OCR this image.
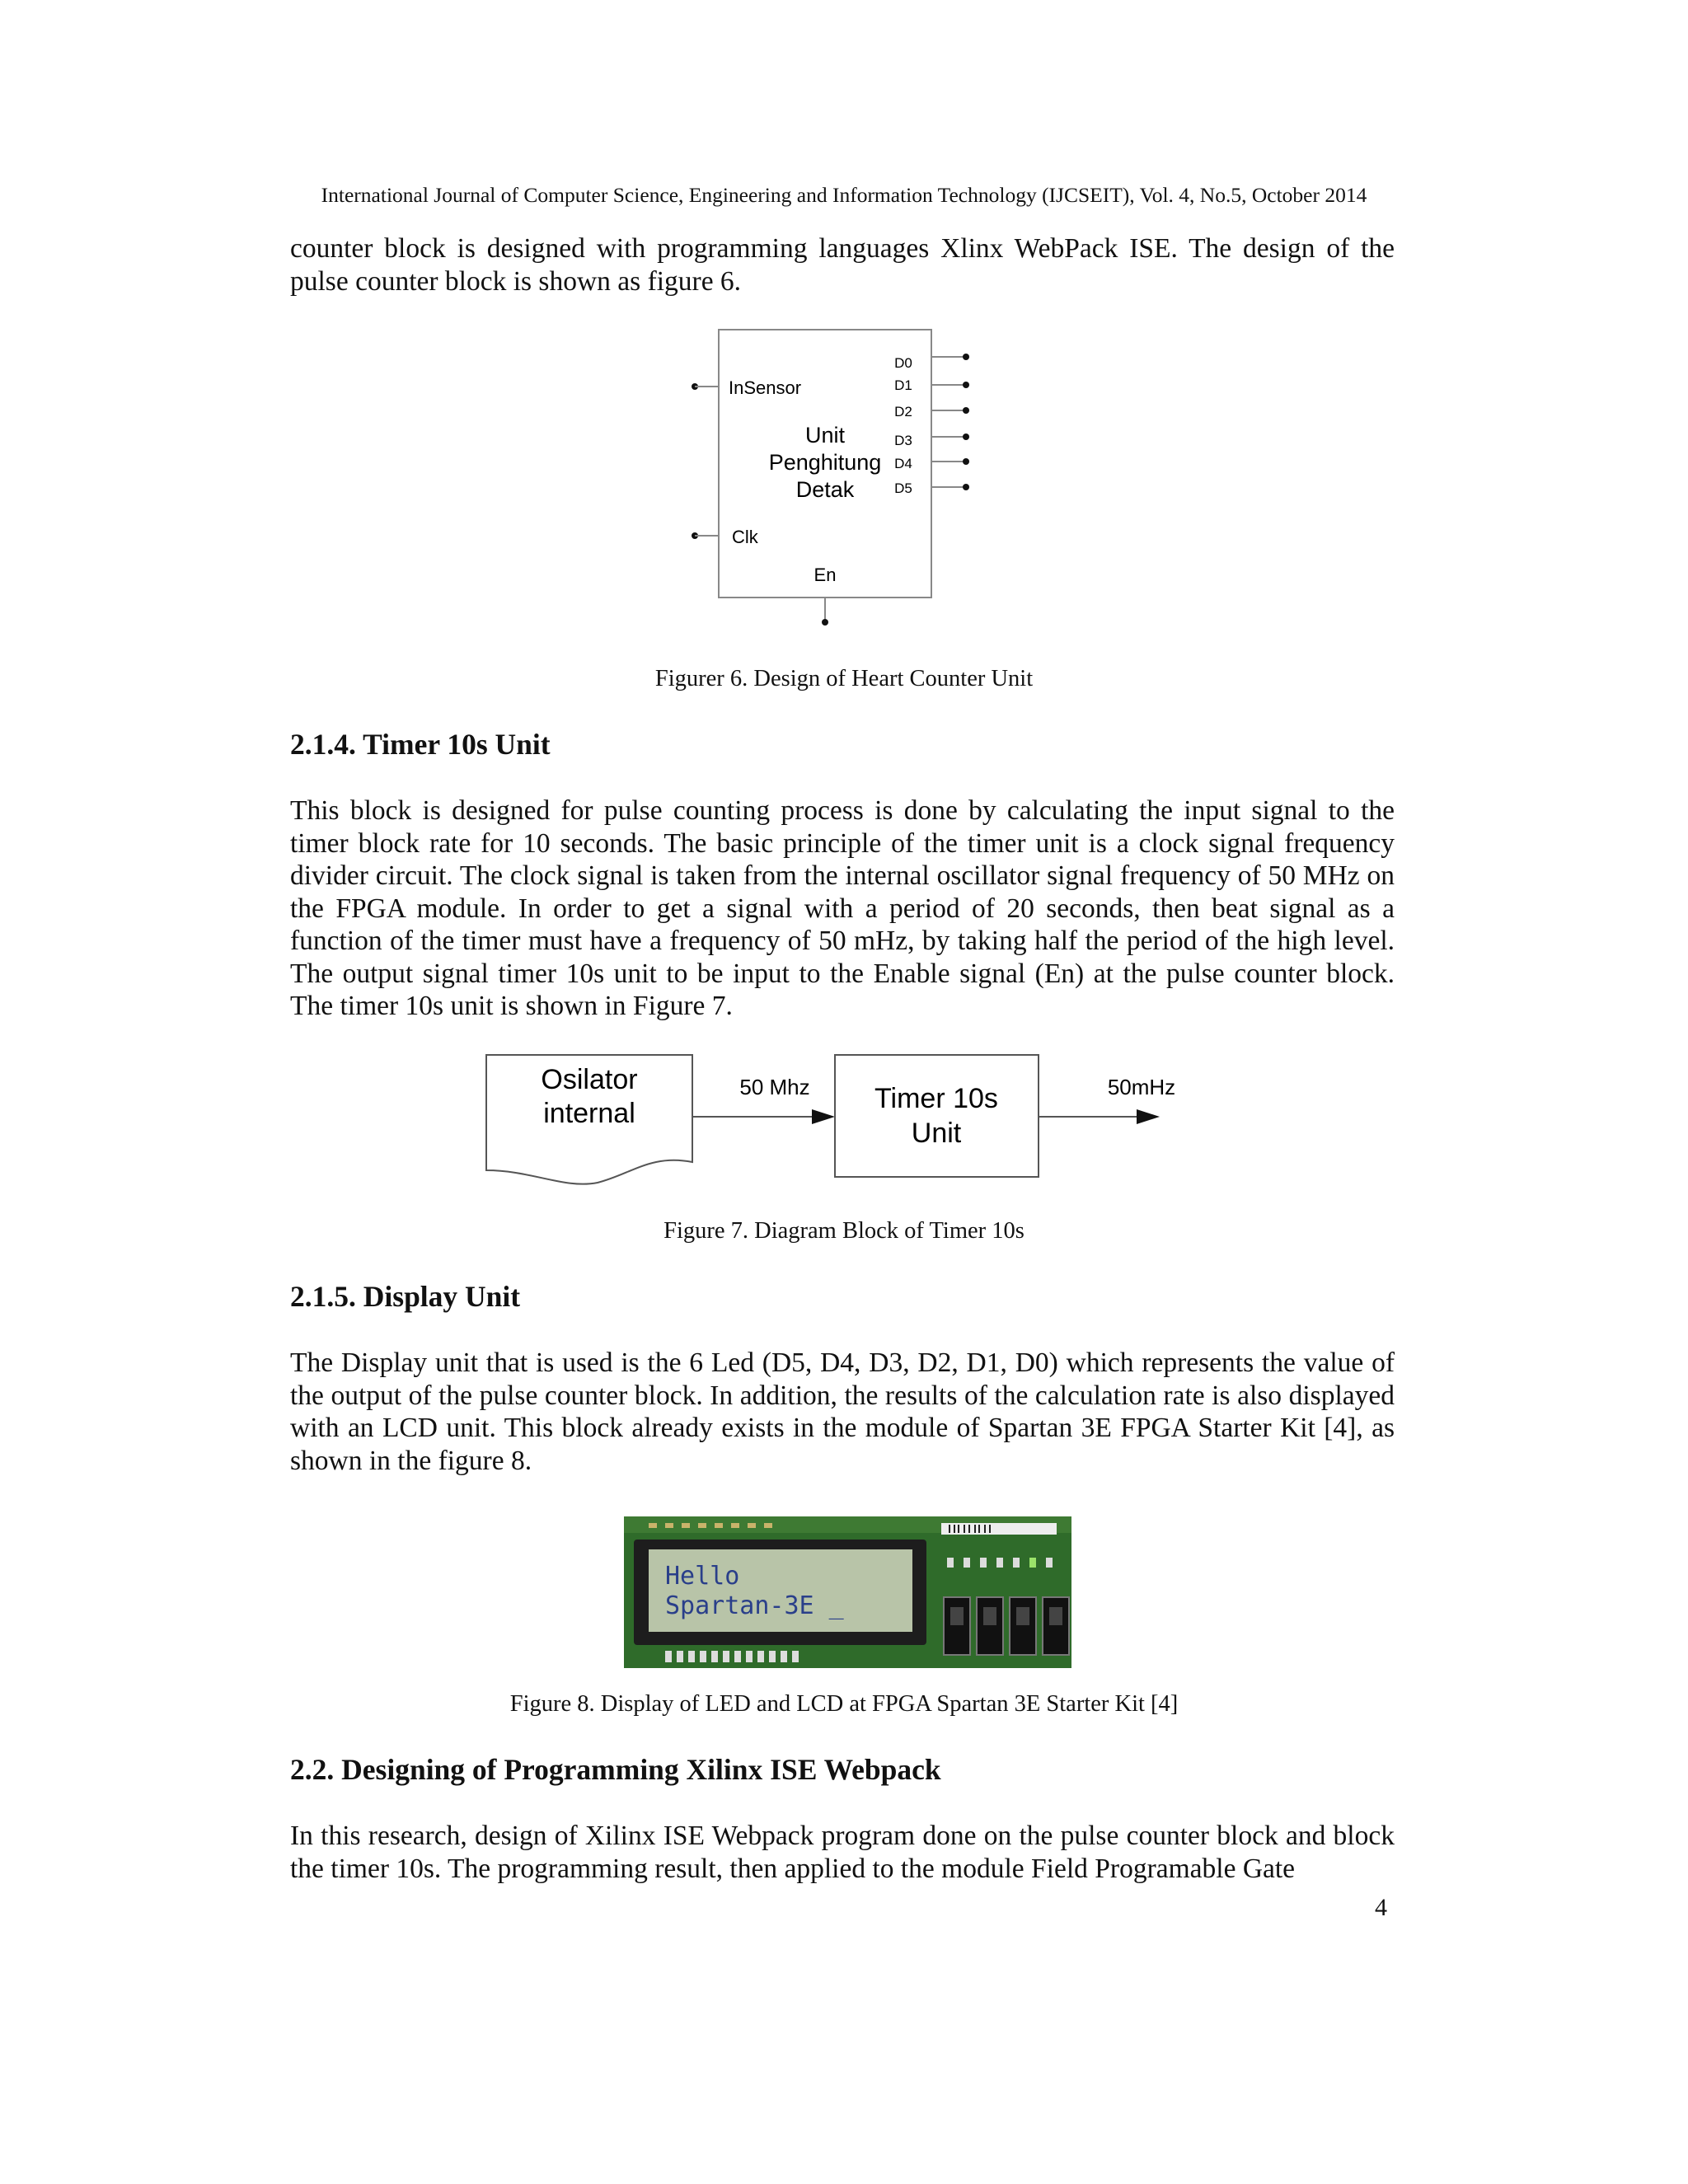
International Journal of Computer Science, Engineering and Information Technology (IJCSEIT), Vol. 4, No.5, October 2014
counter block is designed with programming languages Xlinx WebPack ISE. The design of the pulse counter block is shown as figure 6.
InSensor
Clk
Unit
Penghitung
Detak
D0
D1
D2
D3
D4
D5
En
Figurer 6. Design of Heart Counter Unit
2.1.4. Timer 10s Unit
This block is designed for pulse counting process is done by calculating the input signal to the timer block rate for 10 seconds. The basic principle of the timer unit is a clock signal frequency divider circuit. The clock signal is taken from the internal oscillator signal frequency of 50 MHz on the FPGA module. In order to get a signal with a period of 20 seconds, then beat signal as a function of the timer must have a frequency of 50 mHz, by taking half the period of the high level. The output signal timer 10s unit to be input to the Enable signal (En) at the pulse counter block. The timer 10s unit is shown in Figure 7.
Osilator
internal
50 Mhz Timer 10s
Unit
50mHz
Figure 7. Diagram Block of Timer 10s
2.1.5. Display Unit
The Display unit that is used is the 6 Led (D5, D4, D3, D2, D1, D0) which represents the value of the output of the pulse counter block. In addition, the results of the calculation rate is also displayed with an LCD unit. This block already exists in the module of Spartan 3E FPGA Starter Kit [4], as shown in the figure 8.
Hello
Spartan-3E _
Figure 8. Display of LED and LCD at FPGA Spartan 3E Starter Kit [4]
2.2. Designing of Programming Xilinx ISE Webpack
In this research, design of Xilinx ISE Webpack program done on the pulse counter block and block the timer 10s. The programming result, then applied to the module Field Programable Gate
4
